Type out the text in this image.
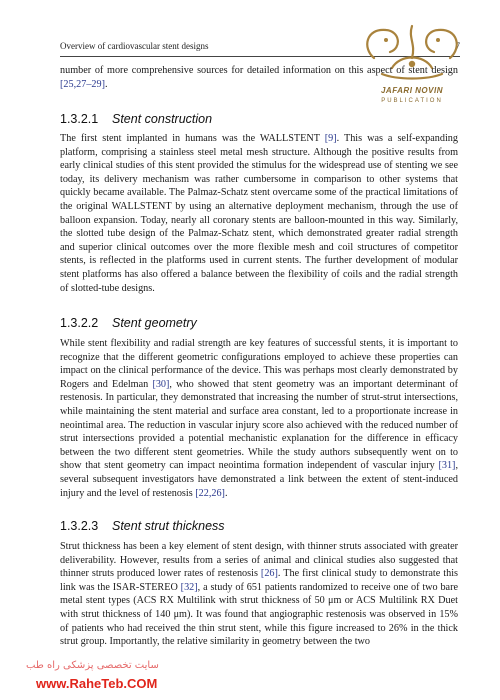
Overview of cardiovascular stent designs	7
JAFARI NOVIN
PUBLICATION

number of more comprehensive sources for detailed information on this aspect of stent design [25,27–29].

1.3.2.1 Stent construction

The first stent implanted in humans was the WALLSTENT [9]. This was a self-expanding platform, comprising a stainless steel metal mesh structure. Although the positive results from early clinical studies of this stent provided the stimulus for the widespread use of stenting we see today, its delivery mechanism was rather cumbersome in comparison to other systems that quickly became available. The Palmaz-Schatz stent overcame some of the practical limitations of the original WALLSTENT by using an alternative deployment mechanism, through the use of balloon expansion. Today, nearly all coronary stents are balloon-mounted in this way. Similarly, the slotted tube design of the Palmaz-Schatz stent, which demonstrated greater radial strength and superior clinical outcomes over the more flexible mesh and coil structures of competitor stents, is reflected in the platforms used in current stents. The further development of modular stent platforms has also offered a balance between the flexibility of coils and the radial strength of slotted-tube designs.

1.3.2.2 Stent geometry

While stent flexibility and radial strength are key features of successful stents, it is important to recognize that the different geometric configurations employed to achieve these properties can impact on the clinical performance of the device. This was perhaps most clearly demonstrated by Rogers and Edelman [30], who showed that stent geometry was an important determinant of restenosis. In particular, they demonstrated that increasing the number of strut-strut intersections, while maintaining the stent material and surface area constant, led to a proportionate increase in neointimal area. The reduction in vascular injury score also achieved with the reduced number of strut intersections provided a potential mechanistic explanation for the difference in efficacy between the two different stent geometries. While the study authors subsequently went on to show that stent geometry can impact neointima formation independent of vascular injury [31], several subsequent investigators have demonstrated a link between the extent of stent-induced injury and the level of restenosis [22,26].

1.3.2.3 Stent strut thickness

Strut thickness has been a key element of stent design, with thinner struts associated with greater deliverability. However, results from a series of animal and clinical studies also suggested that thinner struts produced lower rates of restenosis [26]. The first clinical study to demonstrate this link was the ISAR-STEREO [32], a study of 651 patients randomized to receive one of two bare metal stent types (ACS RX Multilink with strut thickness of 50 μm or ACS Multilink RX Duet with strut thickness of 140 μm). It was found that angiographic restenosis was observed in 15% of patients who had received the thin strut stent, while this figure increased to 26% in the thick strut group. Importantly, the relative similarity in geometry between the two

سایت تخصصی پزشکی راه طب
www.RaheTeb.COM
